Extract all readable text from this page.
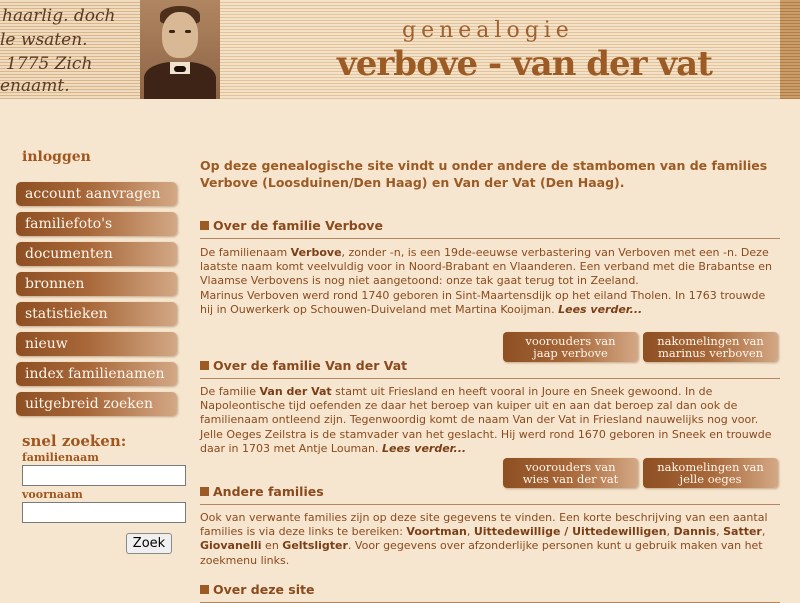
haarlig. doch
le wsaten.
1775 Zich
enaamt.
genealogie
verbove - van der vat
inloggen
account aanvragen
familiefoto's
documenten
bronnen
statistieken
nieuw
index familienamen
uitgebreid zoeken
snel zoeken:
familienaam
voornaam
Zoek
Op deze genealogische site vindt u onder andere de stambomen van de families Verbove (Loosduinen/Den Haag) en Van der Vat (Den Haag).
Over de familie Verbove
De familienaam Verbove, zonder -n, is een 19de-eeuwse verbastering van Verboven met een -n. Deze laatste naam komt veelvuldig voor in Noord-Brabant en Vlaanderen. Een verband met die Brabantse en Vlaamse Verbovens is nog niet aangetoond: onze tak gaat terug tot in Zeeland.
Marinus Verboven werd rond 1740 geboren in Sint-Maartensdijk op het eiland Tholen. In 1763 trouwde hij in Ouwerkerk op Schouwen-Duiveland met Martina Kooijman. Lees verder...
voorouders van
jaap verbove
nakomelingen van
marinus verboven
Over de familie Van der Vat
De familie Van der Vat stamt uit Friesland en heeft vooral in Joure en Sneek gewoond. In de Napoleontische tijd oefenden ze daar het beroep van kuiper uit en aan dat beroep zal dan ook de familienaam ontleend zijn. Tegenwoordig komt de naam Van der Vat in Friesland nauwelijks nog voor.
Jelle Oeges Zeilstra is de stamvader van het geslacht. Hij werd rond 1670 geboren in Sneek en trouwde daar in 1703 met Antje Louman. Lees verder...
voorouders van
wies van der vat
nakomelingen van
jelle oeges
Andere families
Ook van verwante families zijn op deze site gegevens te vinden. Een korte beschrijving van een aantal families is via deze links te bereiken: Voortman, Uittedewillige / Uittedewilligen, Dannis, Satter, Giovanelli en Geltsligter. Voor gegevens over afzonderlijke personen kunt u gebruik maken van het zoekmenu links.
Over deze site
